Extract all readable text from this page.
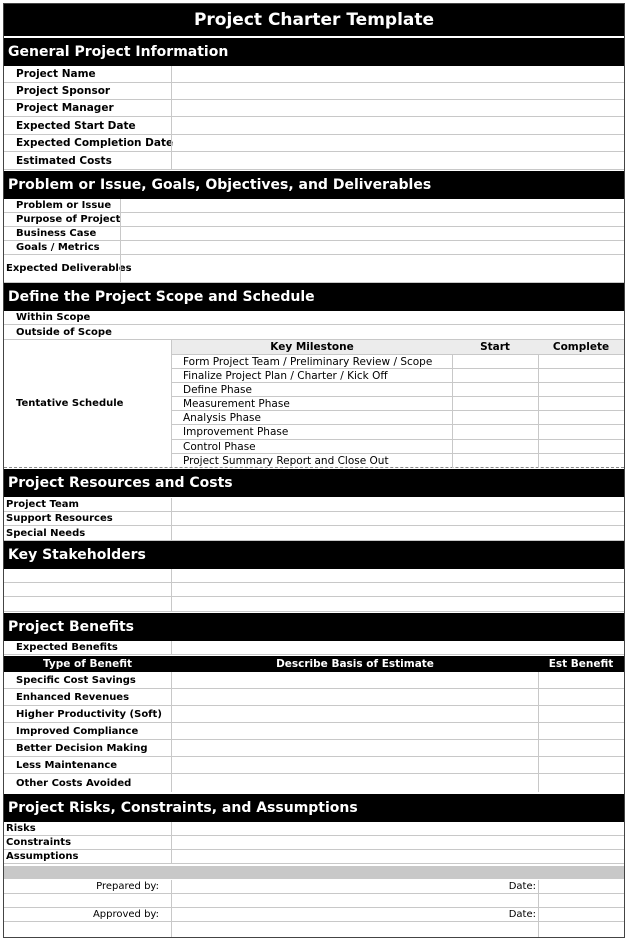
Project Charter Template
General Project Information
Project Name
Project Sponsor
Project Manager
Expected Start Date
Expected Completion Date
Estimated Costs
Problem or Issue, Goals, Objectives, and Deliverables
Problem or Issue
Purpose of Project
Business Case
Goals / Metrics
Expected Deliverables
Define the Project Scope and Schedule
Within Scope
Outside of Scope
Tentative Schedule
Key Milestone	Start	Complete
Form Project Team / Preliminary Review / Scope
Finalize Project Plan / Charter / Kick Off
Define Phase
Measurement Phase
Analysis Phase
Improvement Phase
Control Phase
Project Summary Report and Close Out
Project Resources and Costs
Project Team
Support Resources
Special Needs
Key Stakeholders
Project Benefits
Expected Benefits
Type of Benefit	Describe Basis of Estimate	Est Benefit
Specific Cost Savings
Enhanced Revenues
Higher Productivity (Soft)
Improved Compliance
Better Decision Making
Less Maintenance
Other Costs Avoided
Project Risks, Constraints, and Assumptions
Risks
Constraints
Assumptions
Prepared by:	Date:
Approved by:	Date:
